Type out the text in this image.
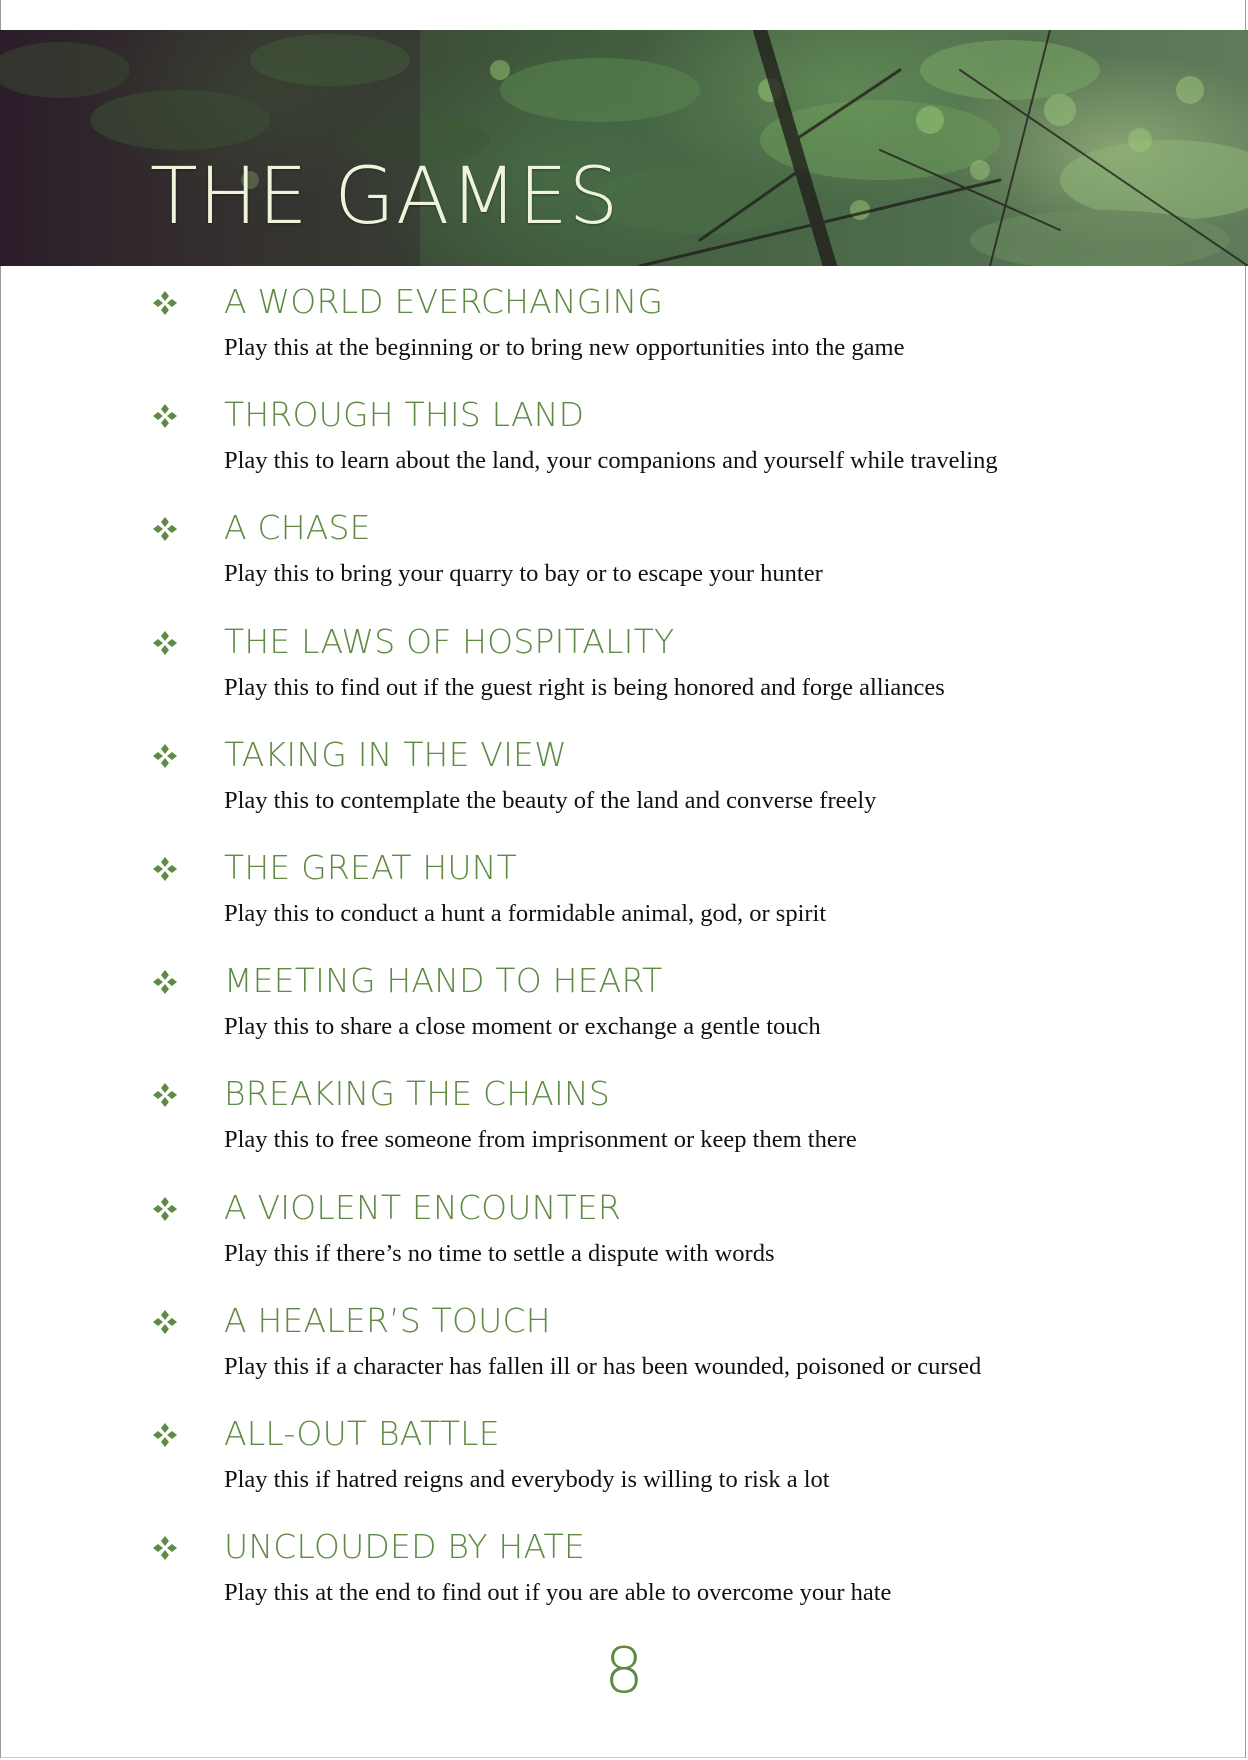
THE GAMES
A WORLD EVERCHANGING

Play this at the beginning or to bring new opportunities into the game

THROUGH THIS LAND

Play this to learn about the land, your companions and yourself while traveling

A CHASE

Play this to bring your quarry to bay or to escape your hunter

THE LAWS OF HOSPITALITY

Play this to find out if the guest right is being honored and forge alliances

TAKING IN THE VIEW

Play this to contemplate the beauty of the land and converse freely

THE GREAT HUNT

Play this to conduct a hunt a formidable animal, god, or spirit

MEETING HAND TO HEART

Play this to share a close moment or exchange a gentle touch

BREAKING THE CHAINS

Play this to free someone from imprisonment or keep them there

A VIOLENT ENCOUNTER

Play this if there’s no time to settle a dispute with words

A HEALER’S TOUCH

Play this if a character has fallen ill or has been wounded, poisoned or cursed

ALL-OUT BATTLE

Play this if hatred reigns and everybody is willing to risk a lot

UNCLOUDED BY HATE

Play this at the end to find out if you are able to overcome your hate

8
